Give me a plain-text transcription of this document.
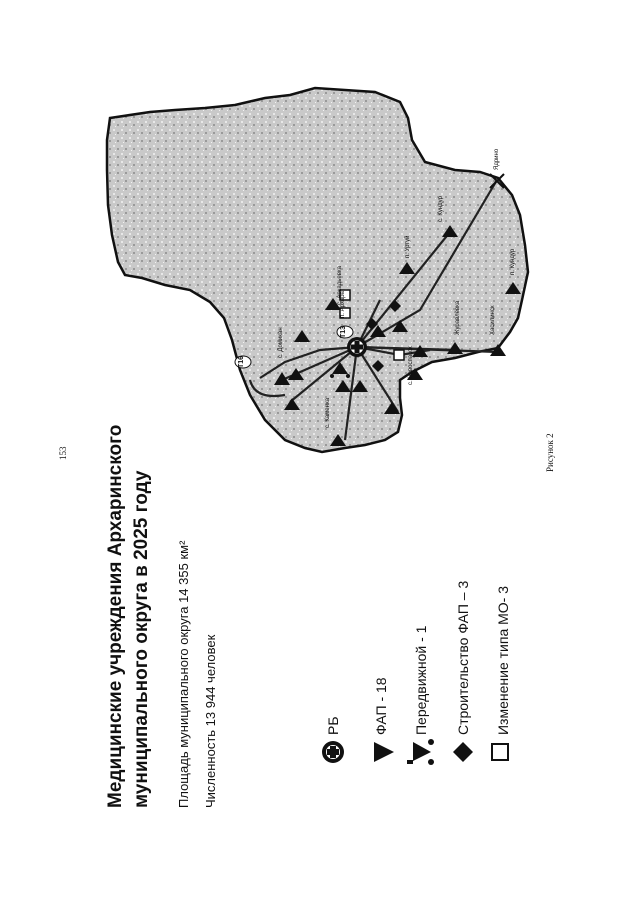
153 Медицинские учреждения Архаринского муниципального округа в 2025 году Площадь муниципального округа 14 355 км² Численность 13 944 человек	РБ ФАП - 18 Передвижной - 1 Строительство ФАП – 3 Изменение типа МО- 3
Т16
Т13
п. Архара
с. Аркадьевка
с. Домикан
с. Кундур
п. Уртуй
с. Каменка
с. Новоспасск
Хасилинск
Журавлёвка
Ядрино
п. Кундур
Рисунок 2
